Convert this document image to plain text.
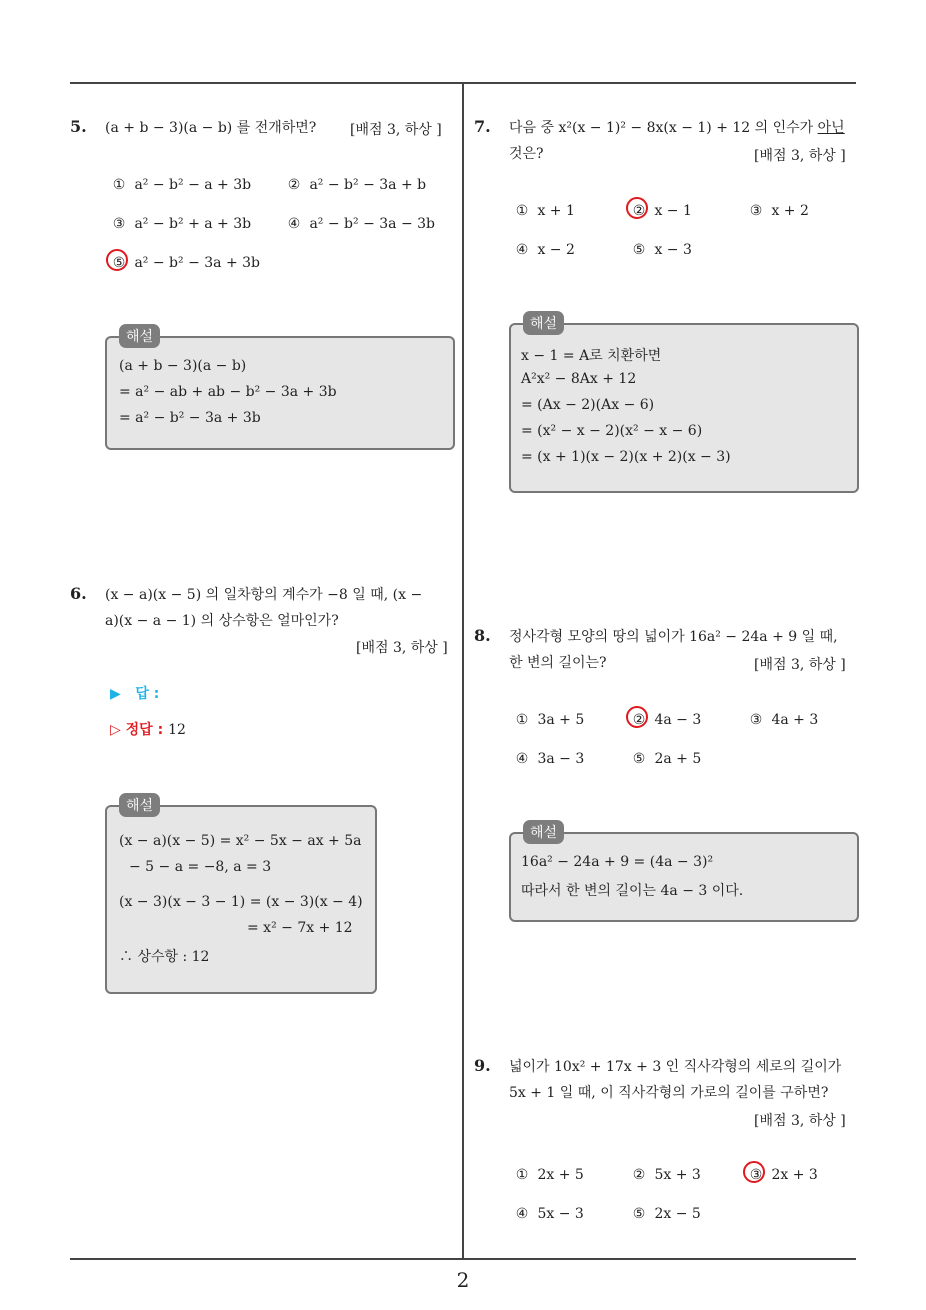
2
5. (a + b − 3)(a − b) 를 전개하면? [배점 3, 하상 ]
① a² − b² − a + 3b	② a² − b² − 3a + b
③ a² − b² + a + 3b	④ a² − b² − 3a − 3b
⑤ a² − b² − 3a + 3b
해설
(a + b − 3)(a − b)
= a² − ab + ab − b² − 3a + 3b
= a² − b² − 3a + 3b
6. (x − a)(x − 5) 의 일차항의 계수가 −8 일 때, (x −
a)(x − a − 1) 의 상수항은 얼마인가?
[배점 3, 하상 ]
▶ 답 :
▷ 정답 : 12
해설
(x − a)(x − 5) = x² − 5x − ax + 5a
− 5 − a = −8, a = 3
(x − 3)(x − 3 − 1) = (x − 3)(x − 4)
= x² − 7x + 12
∴ 상수항 : 12
7. 다음 중 x²(x − 1)² − 8x(x − 1) + 12 의 인수가 아닌
것은?	[배점 3, 하상 ]
① x + 1	② x − 1	③ x + 2
④ x − 2	⑤ x − 3
해설
x − 1 = A로 치환하면
A²x² − 8Ax + 12
= (Ax − 2)(Ax − 6)
= (x² − x − 2)(x² − x − 6)
= (x + 1)(x − 2)(x + 2)(x − 3)
8. 정사각형 모양의 땅의 넓이가 16a² − 24a + 9 일 때,
한 변의 길이는?	[배점 3, 하상 ]
① 3a + 5	② 4a − 3	③ 4a + 3
④ 3a − 3	⑤ 2a + 5
해설
16a² − 24a + 9 = (4a − 3)²
따라서 한 변의 길이는 4a − 3 이다.
9. 넓이가 10x² + 17x + 3 인 직사각형의 세로의 길이가
5x + 1 일 때, 이 직사각형의 가로의 길이를 구하면?
[배점 3, 하상 ]
① 2x + 5	② 5x + 3	③ 2x + 3
④ 5x − 3	⑤ 2x − 5
